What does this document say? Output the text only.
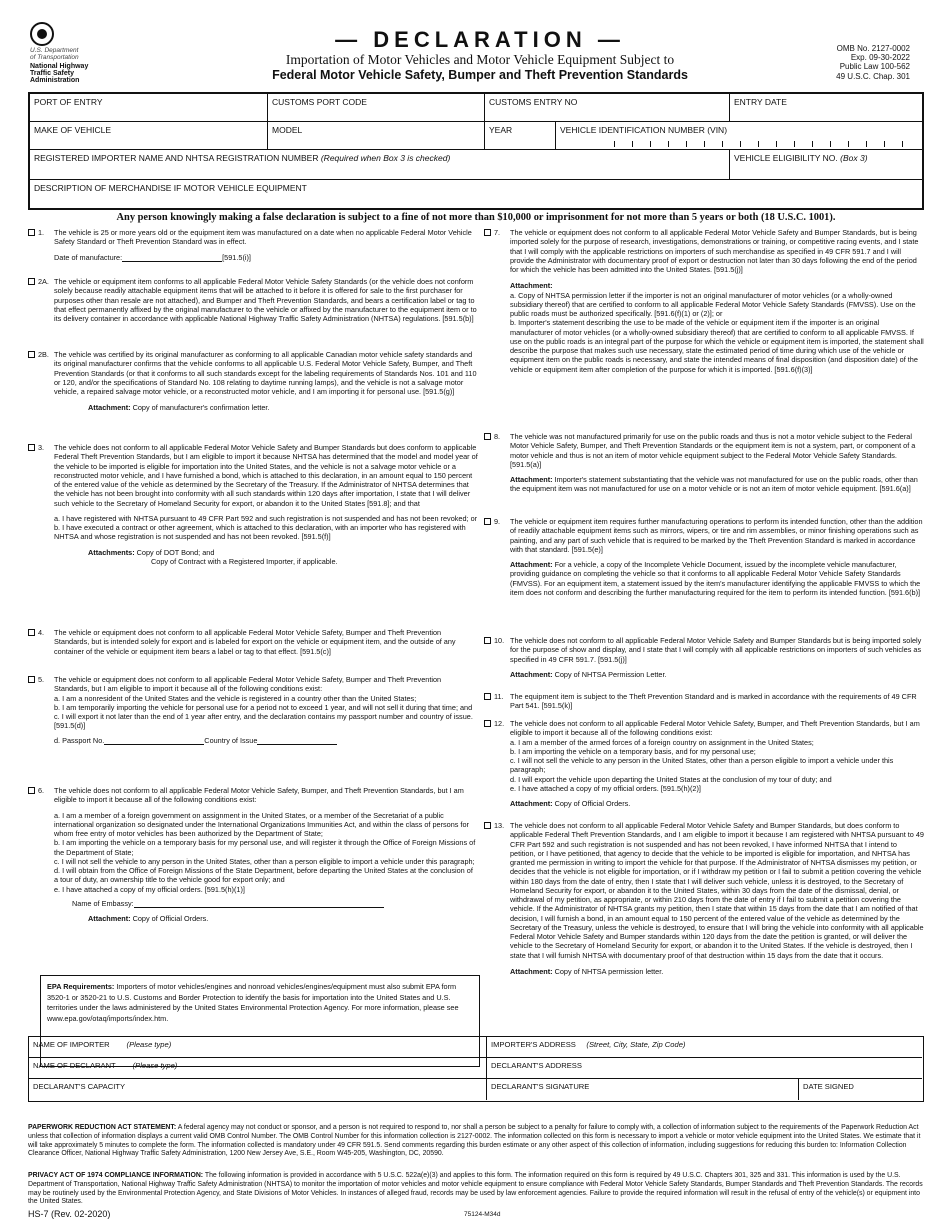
U.S. Department
of Transportation
National Highway
Traffic Safety
Administration
— DECLARATION —
Importation of Motor Vehicles and Motor Vehicle Equipment Subject to
Federal Motor Vehicle Safety, Bumper and Theft Prevention Standards
OMB No. 2127-0002
Exp. 09-30-2022
Public Law 100-562
49 U.S.C. Chap. 301
PORT OF ENTRY	CUSTOMS PORT CODE	CUSTOMS ENTRY NO	ENTRY DATE
MAKE OF VEHICLE	MODEL	YEAR	VEHICLE IDENTIFICATION NUMBER (VIN)
REGISTERED IMPORTER NAME AND NHTSA REGISTRATION NUMBER (Required when Box 3 is checked)	VEHICLE ELIGIBILITY NO. (Box 3)
DESCRIPTION OF MERCHANDISE IF MOTOR VEHICLE EQUIPMENT
Any person knowingly making a false declaration is subject to a fine of not more than $10,000 or imprisonment for not more than 5 years or both (18 U.S.C. 1001).
1. The vehicle is 25 or more years old or the equipment item was manufactured on a date when no applicable Federal Motor Vehicle Safety Standard or Theft Prevention Standard was in effect.
Date of manufacture:	[591.5(i)]
2A. The vehicle or equipment item conforms to all applicable Federal Motor Vehicle Safety Standards (or the vehicle does not conform solely because readily attachable equipment items that will be attached to it before it is offered for sale to the first purchaser for purposes other than resale are not attached), and Bumper and Theft Prevention Standards, and bears a certification label or tag to that effect permanently affixed by the original manufacturer to the vehicle or affixed by the manufacturer to the equipment item or to its delivery container in accordance with applicable National Highway Traffic Safety Administration (NHTSA) regulations. [591.5(b)]
2B. The vehicle was certified by its original manufacturer as conforming to all applicable Canadian motor vehicle safety standards and its original manufacturer confirms that the vehicle conforms to all applicable U.S. Federal Motor Vehicle Safety, Bumper, and Theft Prevention Standards (or that it conforms to all such standards except for the labeling requirements of Standards Nos. 101 and 110 or 120, and/or the specifications of Standard No. 108 relating to daytime running lamps), and the vehicle is not a salvage motor vehicle, a repaired salvage motor vehicle, or a reconstructed motor vehicle, and I am importing it for personal use. [591.5(g)]
Attachment: Copy of manufacturer's confirmation letter.
3. The vehicle does not conform to all applicable Federal Motor Vehicle Safety and Bumper Standards but does conform to applicable Federal Theft Prevention Standards, but I am eligible to import it because NHTSA has determined that the model and model year of the vehicle to be imported is eligible for importation into the United States, and the vehicle is not a salvage motor vehicle or a reconstructed motor vehicle, and I have furnished a bond, which is attached to this declaration, in an amount equal to 150 percent of the entered value of the vehicle as determined by the Secretary of the Treasury. If the Administrator of NHTSA determines that the vehicle has not been brought into conformity with all such standards within 120 days after importation, I state that I will deliver such vehicle to the Secretary of Homeland Security for export, or abandon it to the United States [591.8]; and that
a. I have registered with NHTSA pursuant to 49 CFR Part 592 and such registration is not suspended and has not been revoked; or
b. I have executed a contract or other agreement, which is attached to this declaration, with an importer who has registered with NHTSA and whose registration is not suspended and has not been revoked. [591.5(f)]
Attachments: Copy of DOT Bond; and
Copy of Contract with a Registered Importer, if applicable.
4. The vehicle or equipment does not conform to all applicable Federal Motor Vehicle Safety, Bumper and Theft Prevention Standards, but is intended solely for export and is labeled for export on the vehicle or equipment item, and the outside of any container of the vehicle or equipment item bears a label or tag to that effect. [591.5(c)]
5. The vehicle or equipment does not conform to all applicable Federal Motor Vehicle Safety, Bumper and Theft Prevention Standards, but I am eligible to import it because all of the following conditions exist:
a. I am a nonresident of the United States and the vehicle is registered in a country other than the United States;
b. I am temporarily importing the vehicle for personal use for a period not to exceed 1 year, and will not sell it during that time; and
c. I will export it not later than the end of 1 year after entry, and the declaration contains my passport number and country of issue. [591.5(d)]
d. Passport No.	Country of Issue
6. The vehicle does not conform to all applicable Federal Motor Vehicle Safety, Bumper, and Theft Prevention Standards, but I am eligible to import it because all of the following conditions exist:
a. I am a member of a foreign government on assignment in the United States, or a member of the Secretariat of a public international organization so designated under the International Organizations Immunities Act, and within the class of persons for whom free entry of motor vehicles has been authorized by the Department of State;
b. I am importing the vehicle on a temporary basis for my personal use, and will register it through the Office of Foreign Missions of the Department of State;
c. I will not sell the vehicle to any person in the United States, other than a person eligible to import a vehicle under this paragraph;
d. I will obtain from the Office of Foreign Missions of the State Department, before departing the United States at the conclusion of a tour of duty, an ownership title to the vehicle good for export only; and
e. I have attached a copy of my official orders. [591.5(h)(1)]
Name of Embassy:
Attachment: Copy of Official Orders.
EPA Requirements: Importers of motor vehicles/engines and nonroad vehicles/engines/equipment must also submit EPA form 3520-1 or 3520-21 to U.S. Customs and Border Protection to identify the basis for importation into the United States and U.S. territories under the laws administered by the United States Environmental Protection Agency. For more information, please see www.epa.gov/otaq/imports/index.htm.
7. The vehicle or equipment does not conform to all applicable Federal Motor Vehicle Safety and Bumper Standards, but is being imported solely for the purpose of research, investigations, demonstrations or training, or competitive racing events, and I state that I will comply with the applicable restrictions on importers of such merchandise as specified in 49 CFR 591.7 and I will provide the Administrator with documentary proof of export or destruction not later than 30 days following the end of the period for which the vehicle has been admitted into the United States. [591.5(j)]
Attachment:
a. Copy of NHTSA permission letter if the importer is not an original manufacturer of motor vehicles (or a wholly-owned subsidiary thereof) that are certified to conform to all applicable Federal Motor Vehicle Safety Standards (FMVSS). Use on the public roads must be authorized specifically. [591.6(f)(1) or (2)]; or
b. Importer's statement describing the use to be made of the vehicle or equipment item if the importer is an original manufacturer of motor vehicles (or a wholly-owned subsidiary thereof) that are certified to conform to all applicable FMVSS. If use on the public roads is an integral part of the purpose for which the vehicle or equipment item is imported, the statement shall describe the purpose that makes such use necessary, state the estimated period of time during which use of the vehicle or equipment item on the public roads is necessary, and state the intended means of final disposition (and disposition date) of the vehicle or equipment item after completion of the purpose for which it is imported. [591.6(f)(3)]
8. The vehicle was not manufactured primarily for use on the public roads and thus is not a motor vehicle subject to the Federal Motor Vehicle Safety, Bumper, and Theft Prevention Standards or the equipment item is not a system, part, or component of a motor vehicle and thus is not an item of motor vehicle equipment subject to the Federal Motor Vehicle Safety Standards. [591.5(a)]
Attachment: Importer's statement substantiating that the vehicle was not manufactured for use on the public roads, other than the equipment item was not manufactured for use on a motor vehicle or is not an item of motor vehicle equipment. [591.6(a)]
9. The vehicle or equipment item requires further manufacturing operations to perform its intended function, other than the addition of readily attachable equipment items such as mirrors, wipers, or tire and rim assemblies, or minor finishing operations such as painting, and any part of such vehicle that is required to be marked by the Theft Prevention Standard is marked in accordance with that standard. [591.5(e)]
Attachment: For a vehicle, a copy of the Incomplete Vehicle Document, issued by the incomplete vehicle manufacturer, providing guidance on completing the vehicle so that it conforms to all applicable Federal Motor Vehicle Safety Standards (FMVSS). For an equipment item, a statement issued by the item's manufacturer identifying the applicable FMVSS to which the item does not conform and describing the further manufacturing required for the item to perform its intended function. [591.6(b)]
10. The vehicle does not conform to all applicable Federal Motor Vehicle Safety and Bumper Standards but is being imported solely for the purpose of show and display, and I state that I will comply with all applicable restrictions on importers of such vehicles as specified in 49 CFR 591.7. [591.5(j)]
Attachment: Copy of NHTSA Permission Letter.
11. The equipment item is subject to the Theft Prevention Standard and is marked in accordance with the requirements of 49 CFR Part 541. [591.5(k)]
12. The vehicle does not conform to all applicable Federal Motor Vehicle Safety, Bumper, and Theft Prevention Standards, but I am eligible to import it because all of the following conditions exist:
a. I am a member of the armed forces of a foreign country on assignment in the United States;
b. I am importing the vehicle on a temporary basis, and for my personal use;
c. I will not sell the vehicle to any person in the United States, other than a person eligible to import a vehicle under this paragraph;
d. I will export the vehicle upon departing the United States at the conclusion of my tour of duty; and
e. I have attached a copy of my official orders. [591.5(h)(2)]
Attachment: Copy of Official Orders.
13. The vehicle does not conform to all applicable Federal Motor Vehicle Safety and Bumper Standards, but does conform to applicable Federal Theft Prevention Standards, and I am eligible to import it because I am registered with NHTSA pursuant to 49 CFR Part 592 and such registration is not suspended and has not been revoked, I have informed NHTSA that I intend to petition, or I have petitioned, that agency to decide that the vehicle to be imported is eligible for importation, and NHTSA has granted me permission in writing to import the vehicle for that purpose. If the Administrator of NHTSA dismisses my petition, or decides that the vehicle is not eligible for importation, or if I withdraw my petition or I fail to submit a petition covering the vehicle within 180 days from the date of entry, then I state that I will deliver such vehicle, unless it is destroyed, to the Secretary of Homeland Security for export, or abandon it to the United States, within 30 days from the date of the dismissal, denial, or withdrawal of my petition, as appropriate, or within 210 days from the date of entry if I fail to submit a petition covering the vehicle. If the Administrator of NHTSA grants my petition, then I state that within 15 days from the date that I am notified of that decision, I will furnish a bond, in an amount equal to 150 percent of the entered value of the vehicle as determined by the Secretary of the Treasury, unless the vehicle is destroyed, to ensure that I will bring the vehicle into conformity with all applicable Federal Motor Vehicle Safety and Bumper standards within 120 days from the date the petition is granted, or will deliver the vehicle to the Secretary of Homeland Security for export, or abandon it to the United States. If the vehicle is destroyed, then I state that I will furnish NHTSA with documentary proof of that destruction within 15 days from the date that it occurs.
Attachment: Copy of NHTSA permission letter.
NAME OF IMPORTER (Please type)	IMPORTER'S ADDRESS (Street, City, State, Zip Code)
NAME OF DECLARANT (Please type)	DECLARANT'S ADDRESS
DECLARANT'S CAPACITY	DECLARANT'S SIGNATURE	DATE SIGNED
PAPERWORK REDUCTION ACT STATEMENT: A federal agency may not conduct or sponsor, and a person is not required to respond to, nor shall a person be subject to a penalty for failure to comply with, a collection of information subject to the requirements of the Paperwork Reduction Act unless that collection of information displays a current valid OMB Control Number. The OMB Control Number for this information collection is 2127-0002. The information collected on this form is necessary to import a vehicle or motor vehicle equipment into the United States. We estimate that it will take approximately 5 minutes to complete the form. The information collected is mandatory under 49 CFR 591.5. Send comments regarding this burden estimate or any other aspect of this collection of information, including suggestions for reducing this burden to: Information Collection Clearance Officer, National Highway Traffic Safety Administration, 1200 New Jersey Ave, S.E., Room W45-205, Washington, DC, 20590.
PRIVACY ACT OF 1974 COMPLIANCE INFORMATION: The following information is provided in accordance with 5 U.S.C. 522a(e)(3) and applies to this form. The information required on this form is required by 49 U.S.C. Chapters 301, 325 and 331. This information is used by the U.S. Department of Transportation, National Highway Traffic Safety Administration (NHTSA) to monitor the importation of motor vehicles and motor vehicle equipment to ensure compliance with Federal Motor Vehicle Safety Standards, Bumper Standards and Theft Prevention Standards. The records may be routinely used by the Environmental Protection Agency, and State Divisions of Motor Vehicles. In instances of alleged fraud, records may be used by law enforcement agencies. Failure to provide the required information will result in the refusal of entry of the vehicle(s) or equipment into the United States.
HS-7 (Rev. 02-2020)	75124-M34d
